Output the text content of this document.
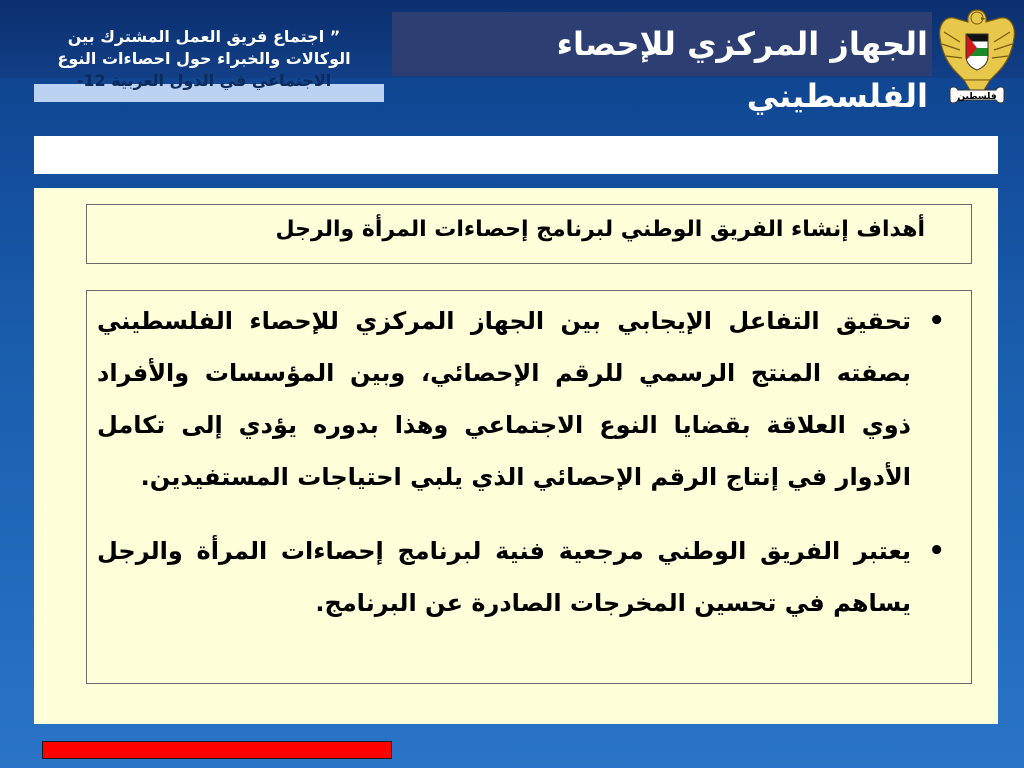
الجهاز المركزي للإحصاء الفلسطيني
” اجتماع فريق العمل المشترك بين
الوكالات والخبراء حول احصاءات النوع
الاجتماعي في الدول العربية 12-
فلسطين
أهداف إنشاء الفريق الوطني لبرنامج إحصاءات المرأة والرجل
•
تحقيق التفاعل الإيجابي بين الجهاز المركزي للإحصاء الفلسطيني بصفته المنتج الرسمي للرقم الإحصائي، وبين المؤسسات والأفراد ذوي العلاقة بقضايا النوع الاجتماعي وهذا بدوره يؤدي إلى تكامل الأدوار في إنتاج الرقم الإحصائي الذي يلبي احتياجات المستفيدين.
•
يعتبر الفريق الوطني مرجعية فنية لبرنامج إحصاءات المرأة والرجل يساهم في تحسين المخرجات الصادرة عن البرنامج.
